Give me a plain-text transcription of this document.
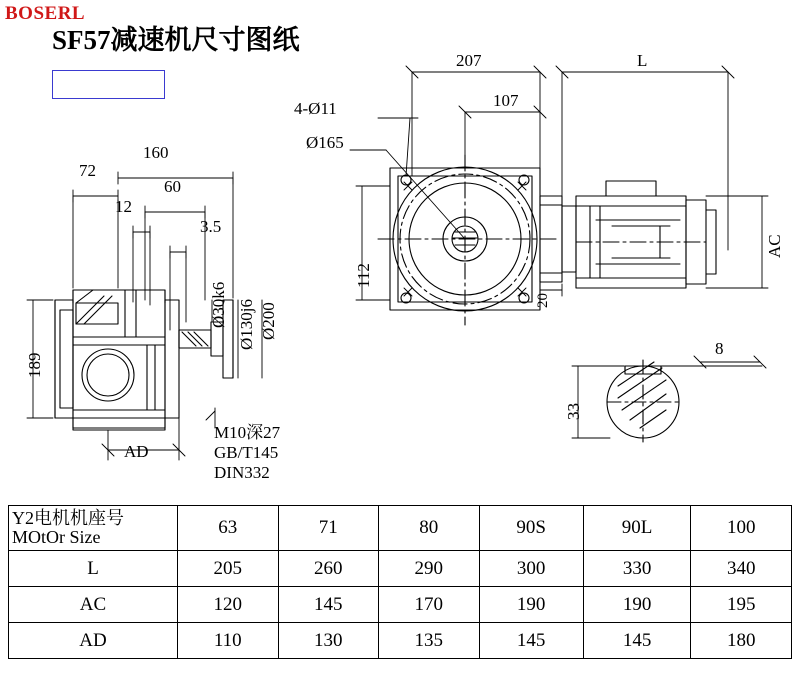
SF57减速机尺寸图纸
BOSERL
72
160
60
12
3.5
189
AD
Ø30k6 Ø130j6 Ø200
M10深27
GB/T145
DIN332
207	L
107
4-Ø11
Ø165
112
20
AC
8
33
Y2电机机座号
MOtOr Size	63	71	80	90S	90L	100
L	205	260	290	300	330	340
AC	120	145	170	190	190	195
AD	110	130	135	145	145	180
